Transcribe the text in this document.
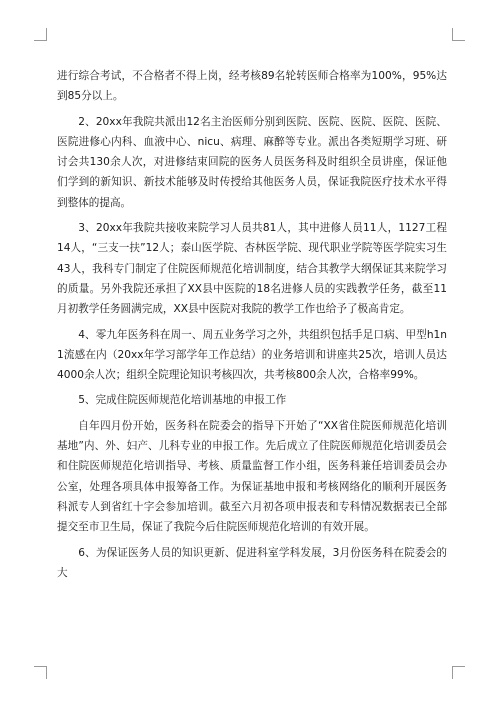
进行综合考试，不合格者不得上岗，经考核89名轮转医师合格率为100%，95%达到85分以上。

2、20xx年我院共派出12名主治医师分别到医院、医院、医院、医院、医院、医院进修心内科、血液中心、nicu、病理、麻醉等专业。派出各类短期学习班、研讨会共130余人次，对进修结束回院的医务人员医务科及时组织全员讲座，保证他们学到的新知识、新技术能够及时传授给其他医务人员，保证我院医疗技术水平得到整体的提高。

3、20xx年我院共接收来院学习人员共81人，其中进修人员11人，1127工程14人，“三支一扶”12人；泰山医学院、杏林医学院、现代职业学院等医学院实习生43人，我科专门制定了住院医师规范化培训制度，结合其教学大纲保证其来院学习的质量。另外我院还承担了XX县中医院的18名进修人员的实践教学任务，截至11月初教学任务圆满完成，XX县中医院对我院的教学工作也给予了极高肯定。

4、零九年医务科在周一、周五业务学习之外，共组织包括手足口病、甲型h1n1流感在内（20xx年学习部学年工作总结）的业务培训和讲座共25次，培训人员达4000余人次；组织全院理论知识考核四次，共考核800余人次，合格率99%。

5、完成住院医师规范化培训基地的申报工作

自年四月份开始，医务科在院委会的指导下开始了“XX省住院医师规范化培训基地”内、外、妇产、儿科专业的申报工作。先后成立了住院医师规范化培训委员会和住院医师规范化培训指导、考核、质量监督工作小组，医务科兼任培训委员会办公室，处理各项具体申报筹备工作。为保证基地申报和考核网络化的顺利开展医务科派专人到省红十字会参加培训。截至六月初各项申报表和专科情况数据表已全部提交至市卫生局，保证了我院今后住院医师规范化培训的有效开展。

6、为保证医务人员的知识更新、促进科室学科发展，3月份医务科在院委会的大
